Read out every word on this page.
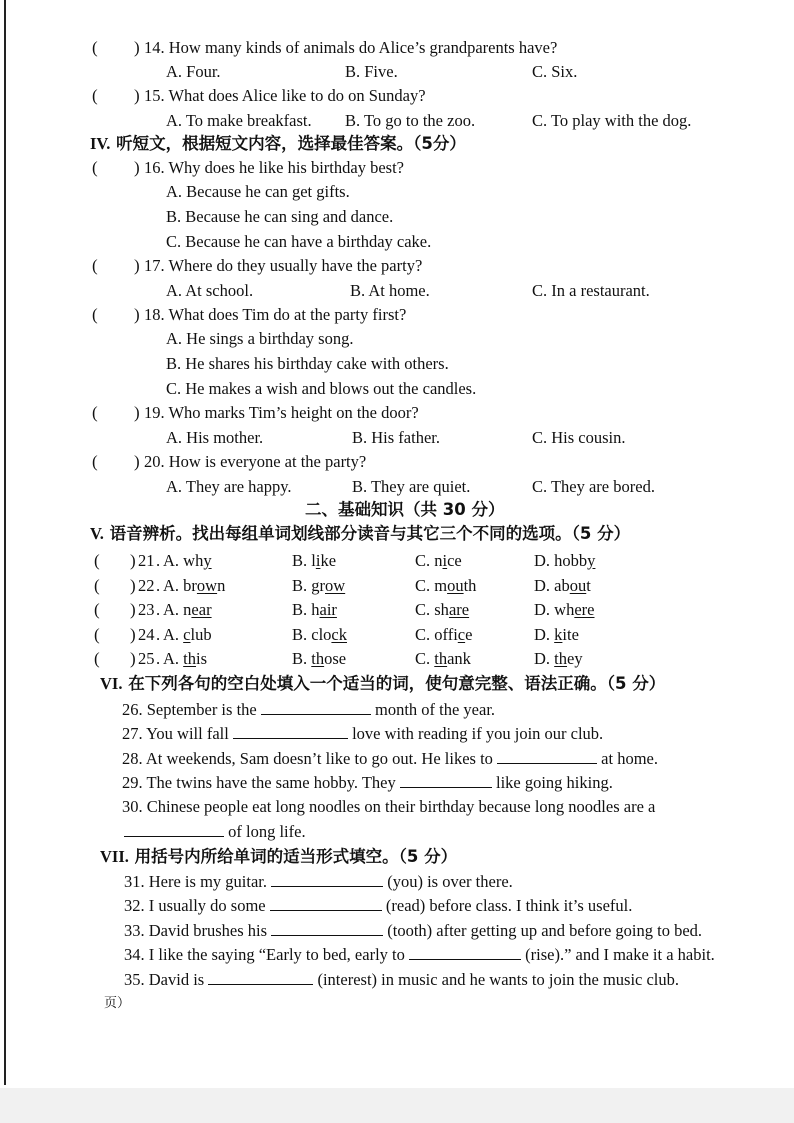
( ) 14. How many kinds of animals do Alice’s grandparents have?
A. Four.	B. Five.	C. Six.
( ) 15. What does Alice like to do on Sunday?
A. To make breakfast. B. To go to the zoo.	C. To play with the dog.
IV. 听短文，根据短文内容，选择最佳答案。（5分）
( ) 16. Why does he like his birthday best?
A. Because he can get gifts.
B. Because he can sing and dance.
C. Because he can have a birthday cake.
( ) 17. Where do they usually have the party?
A. At school.	B. At home.	C. In a restaurant.
( ) 18. What does Tim do at the party first?
A. He sings a birthday song.
B. He shares his birthday cake with others.
C. He makes a wish and blows out the candles.
( ) 19. Who marks Tim’s height on the door?
A. His mother.	B. His father.	C. His cousin.
( ) 20. How is everyone at the party?
A. They are happy.	B. They are quiet.	C. They are bored.
二、基础知识（共 30 分）
V. 语音辨析。找出每组单词划线部分读音与其它三个不同的选项。（5 分）
( ) 21 . A. why	B. like	C. nice	D. hobby
( ) 22 . A. brown	B. grow	C. mouth	D. about
( ) 23 . A. near	B. hair	C. share	D. where
( ) 24 . A. club	B. clock	C. office	D. kite
( ) 25 . A. this	B. those	C. thank	D. they
VI. 在下列各句的空白处填入一个适当的词，使句意完整、语法正确。（5 分）
26. September is the	month of the year.
27. You will fall	love with reading if you join our club.
28. At weekends, Sam doesn’t like to go out. He likes to	at home.
29. The twins have the same hobby. They	like going hiking.
30. Chinese people eat long noodles on their birthday because long noodles are a
of long life.
VII. 用括号内所给单词的适当形式填空。（5 分）
31. Here is my guitar.	(you) is over there.
32. I usually do some	(read) before class. I think it’s useful.
33. David brushes his	(tooth) after getting up and before going to bed.
34. I like the saying “Early to bed, early to	(rise).” and I make it a habit.
35. David is	(interest) in music and he wants to join the music club.
页）
